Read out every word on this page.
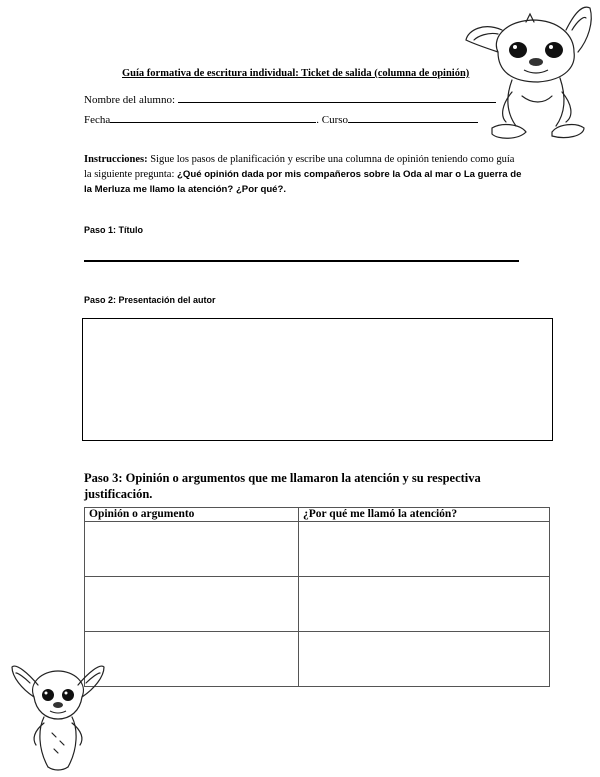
Guía formativa de escritura individual: Ticket de salida (columna de opinión)
Nombre del alumno:
Fecha	. Curso
Instrucciones: Sigue los pasos de planificación y escribe una columna de opinión teniendo como guía la siguiente pregunta: ¿Qué opinión dada por mis compañeros sobre la Oda al mar o La guerra de la Merluza me llamo la atención? ¿Por qué?.
Paso 1: Título
Paso 2: Presentación del autor
Paso 3: Opinión o argumentos que me llamaron la atención y su respectiva justificación.
Opinión o argumento	¿Por qué me llamó la atención?
